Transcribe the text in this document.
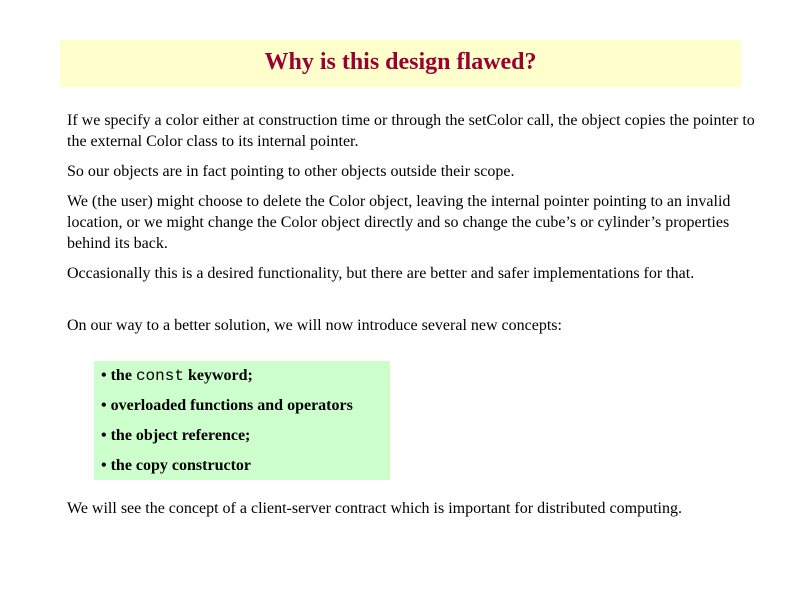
Why is this design flawed?

If we specify a color either at construction time or through the setColor call, the object copies the pointer to the external Color class to its internal pointer.

So our objects are in fact pointing to other objects outside their scope.

We (the user) might choose to delete the Color object, leaving the internal pointer pointing to an invalid location, or we might change the Color object directly and so change the cube’s or cylinder’s properties behind its back.

Occasionally this is a desired functionality, but there are better and safer implementations for that.

On our way to a better solution, we will now introduce several new concepts:

• the const keyword;
• overloaded functions and operators
• the object reference;
• the copy constructor

We will see the concept of a client-server contract which is important for distributed computing.
